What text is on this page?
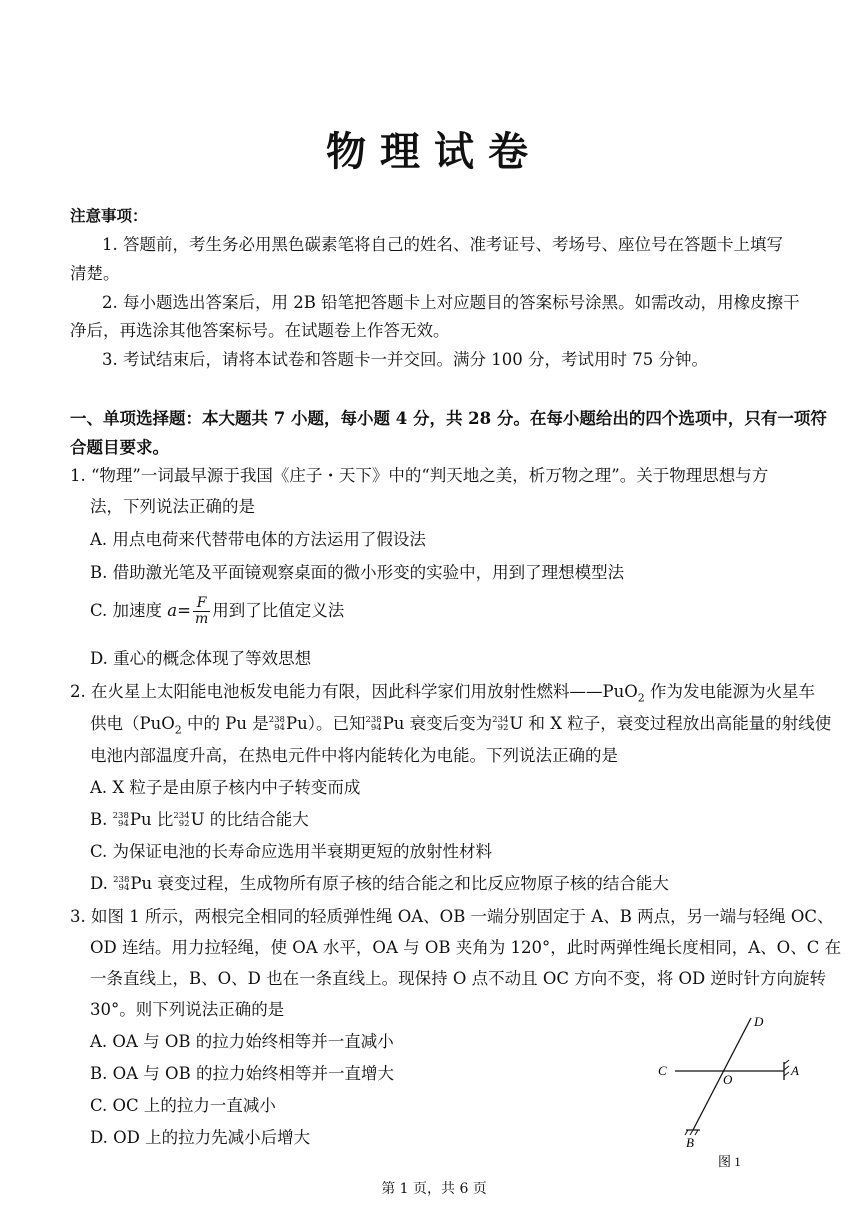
物理试卷
注意事项：
1. 答题前，考生务必用黑色碳素笔将自己的姓名、准考证号、考场号、座位号在答题卡上填写
清楚。
2. 每小题选出答案后，用 2B 铅笔把答题卡上对应题目的答案标号涂黑。如需改动，用橡皮擦干
净后，再选涂其他答案标号。在试题卷上作答无效。
3. 考试结束后，请将本试卷和答题卡一并交回。满分 100 分，考试用时 75 分钟。
一、单项选择题：本大题共 7 小题，每小题 4 分，共 28 分。在每小题给出的四个选项中，只有一项符
合题目要求。
1. “物理”一词最早源于我国《庄子・天下》中的“判天地之美，析万物之理”。关于物理思想与方
法，下列说法正确的是
A. 用点电荷来代替带电体的方法运用了假设法
B. 借助激光笔及平面镜观察桌面的微小形变的实验中，用到了理想模型法
C. 加速度 $a= \frac{F}{m}$ 用到了比值定义法
D. 重心的概念体现了等效思想
2. 在火星上太阳能电池板发电能力有限，因此科学家们用放射性燃料——PuO$_2$ 作为发电能源为火星车
供电（PuO$_2$ 中的 Pu 是 238
94 Pu）。已知 238
94 Pu 衰变后变为 234
92 U 和 X 粒子，衰变过程放出高能量的射线使
电池内部温度升高，在热电元件中将内能转化为电能。下列说法正确的是
A. X 粒子是由原子核内中子转变而成
B. 238
94 Pu 比 234
92 U 的比结合能大
C. 为保证电池的长寿命应选用半衰期更短的放射性材料
D. 238
94 Pu 衰变过程，生成物所有原子核的结合能之和比反应物原子核的结合能大
3. 如图 1 所示，两根完全相同的轻质弹性绳 OA、OB 一端分别固定于 A、B 两点，另一端与轻绳 OC、
OD 连结。用力拉轻绳，使 OA 水平，OA 与 OB 夹角为 120°，此时两弹性绳长度相同，A、O、C 在
一条直线上，B、O、D 也在一条直线上。现保持 O 点不动且 OC 方向不变，将 OD 逆时针方向旋转
30°。则下列说法正确的是
A. OA 与 OB 的拉力始终相等并一直减小
B. OA 与 OB 的拉力始终相等并一直增大
C. OC 上的拉力一直减小
D. OD 上的拉力先减小后增大
D
C
O
A
B
图 1
第 1 页，共 6 页
